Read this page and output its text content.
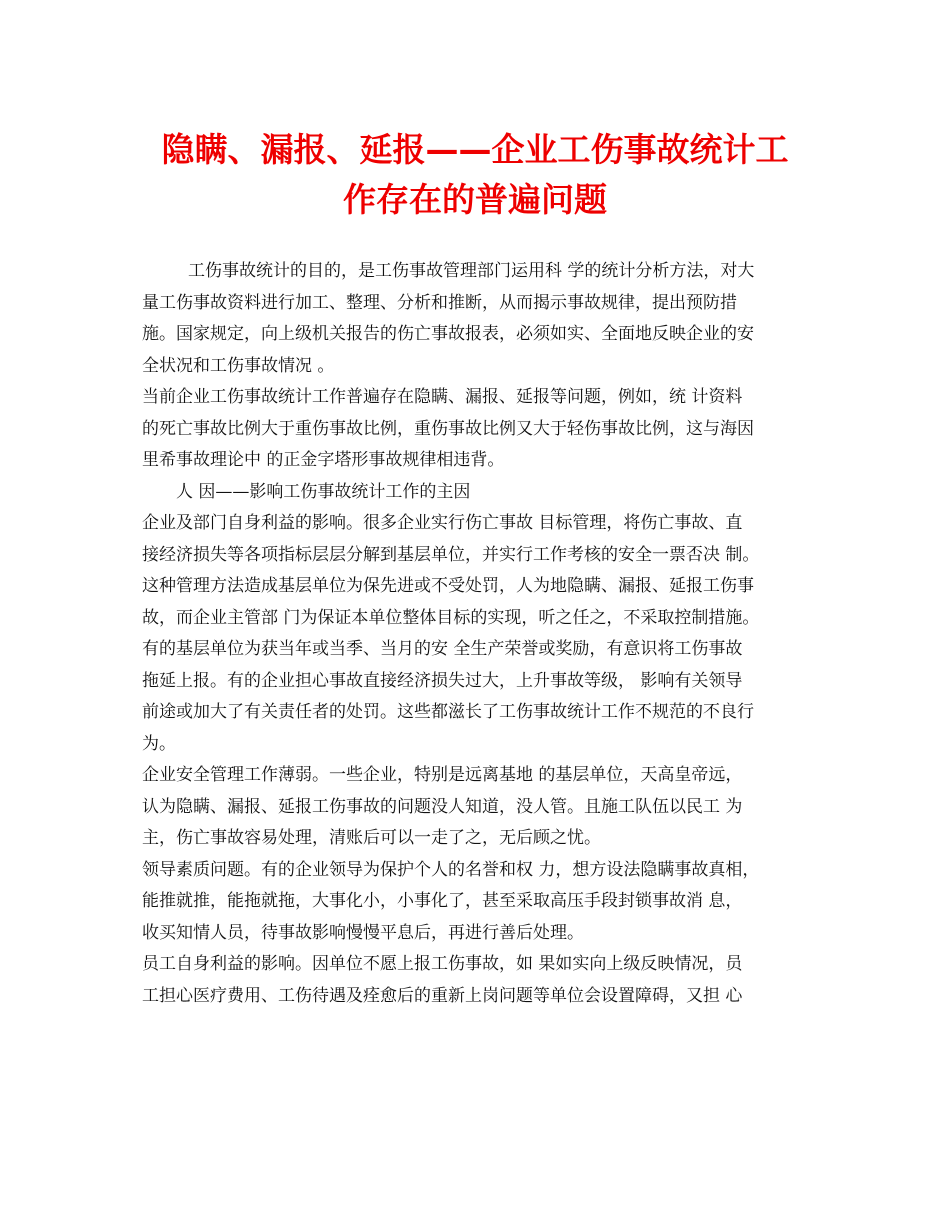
隐瞒、漏报、延报——企业工伤事故统计工
作存在的普遍问题
工伤事故统计的目的，是工伤事故管理部门运用科 学的统计分析方法，对大
量工伤事故资料进行加工、整理、分析和推断，从而揭示事故规律，提出预防措
施。国家规定，向上级机关报告的伤亡事故报表，必须如实、全面地反映企业的安
全状况和工伤事故情况 。
当前企业工伤事故统计工作普遍存在隐瞒、漏报、延报等问题，例如，统 计资料
的死亡事故比例大于重伤事故比例，重伤事故比例又大于轻伤事故比例，这与海因
里希事故理论中 的正金字塔形事故规律相违背。
人 因——影响工伤事故统计工作的主因
企业及部门自身利益的影响。很多企业实行伤亡事故 目标管理，将伤亡事故、直
接经济损失等各项指标层层分解到基层单位，并实行工作考核的安全一票否决 制。
这种管理方法造成基层单位为保先进或不受处罚，人为地隐瞒、漏报、延报工伤事
故，而企业主管部 门为保证本单位整体目标的实现，听之任之，不采取控制措施。
有的基层单位为获当年或当季、当月的安 全生产荣誉或奖励，有意识将工伤事故
拖延上报。有的企业担心事故直接经济损失过大，上升事故等级， 影响有关领导
前途或加大了有关责任者的处罚。这些都滋长了工伤事故统计工作不规范的不良行
为。
企业安全管理工作薄弱。一些企业，特别是远离基地 的基层单位，天高皇帝远，
认为隐瞒、漏报、延报工伤事故的问题没人知道，没人管。且施工队伍以民工 为
主，伤亡事故容易处理，清账后可以一走了之，无后顾之忧。
领导素质问题。有的企业领导为保护个人的名誉和权 力，想方设法隐瞒事故真相，
能推就推，能拖就拖，大事化小，小事化了，甚至采取高压手段封锁事故消 息，
收买知情人员，待事故影响慢慢平息后，再进行善后处理。
员工自身利益的影响。因单位不愿上报工伤事故，如 果如实向上级反映情况，员
工担心医疗费用、工伤待遇及痊愈后的重新上岗问题等单位会设置障碍，又担 心
